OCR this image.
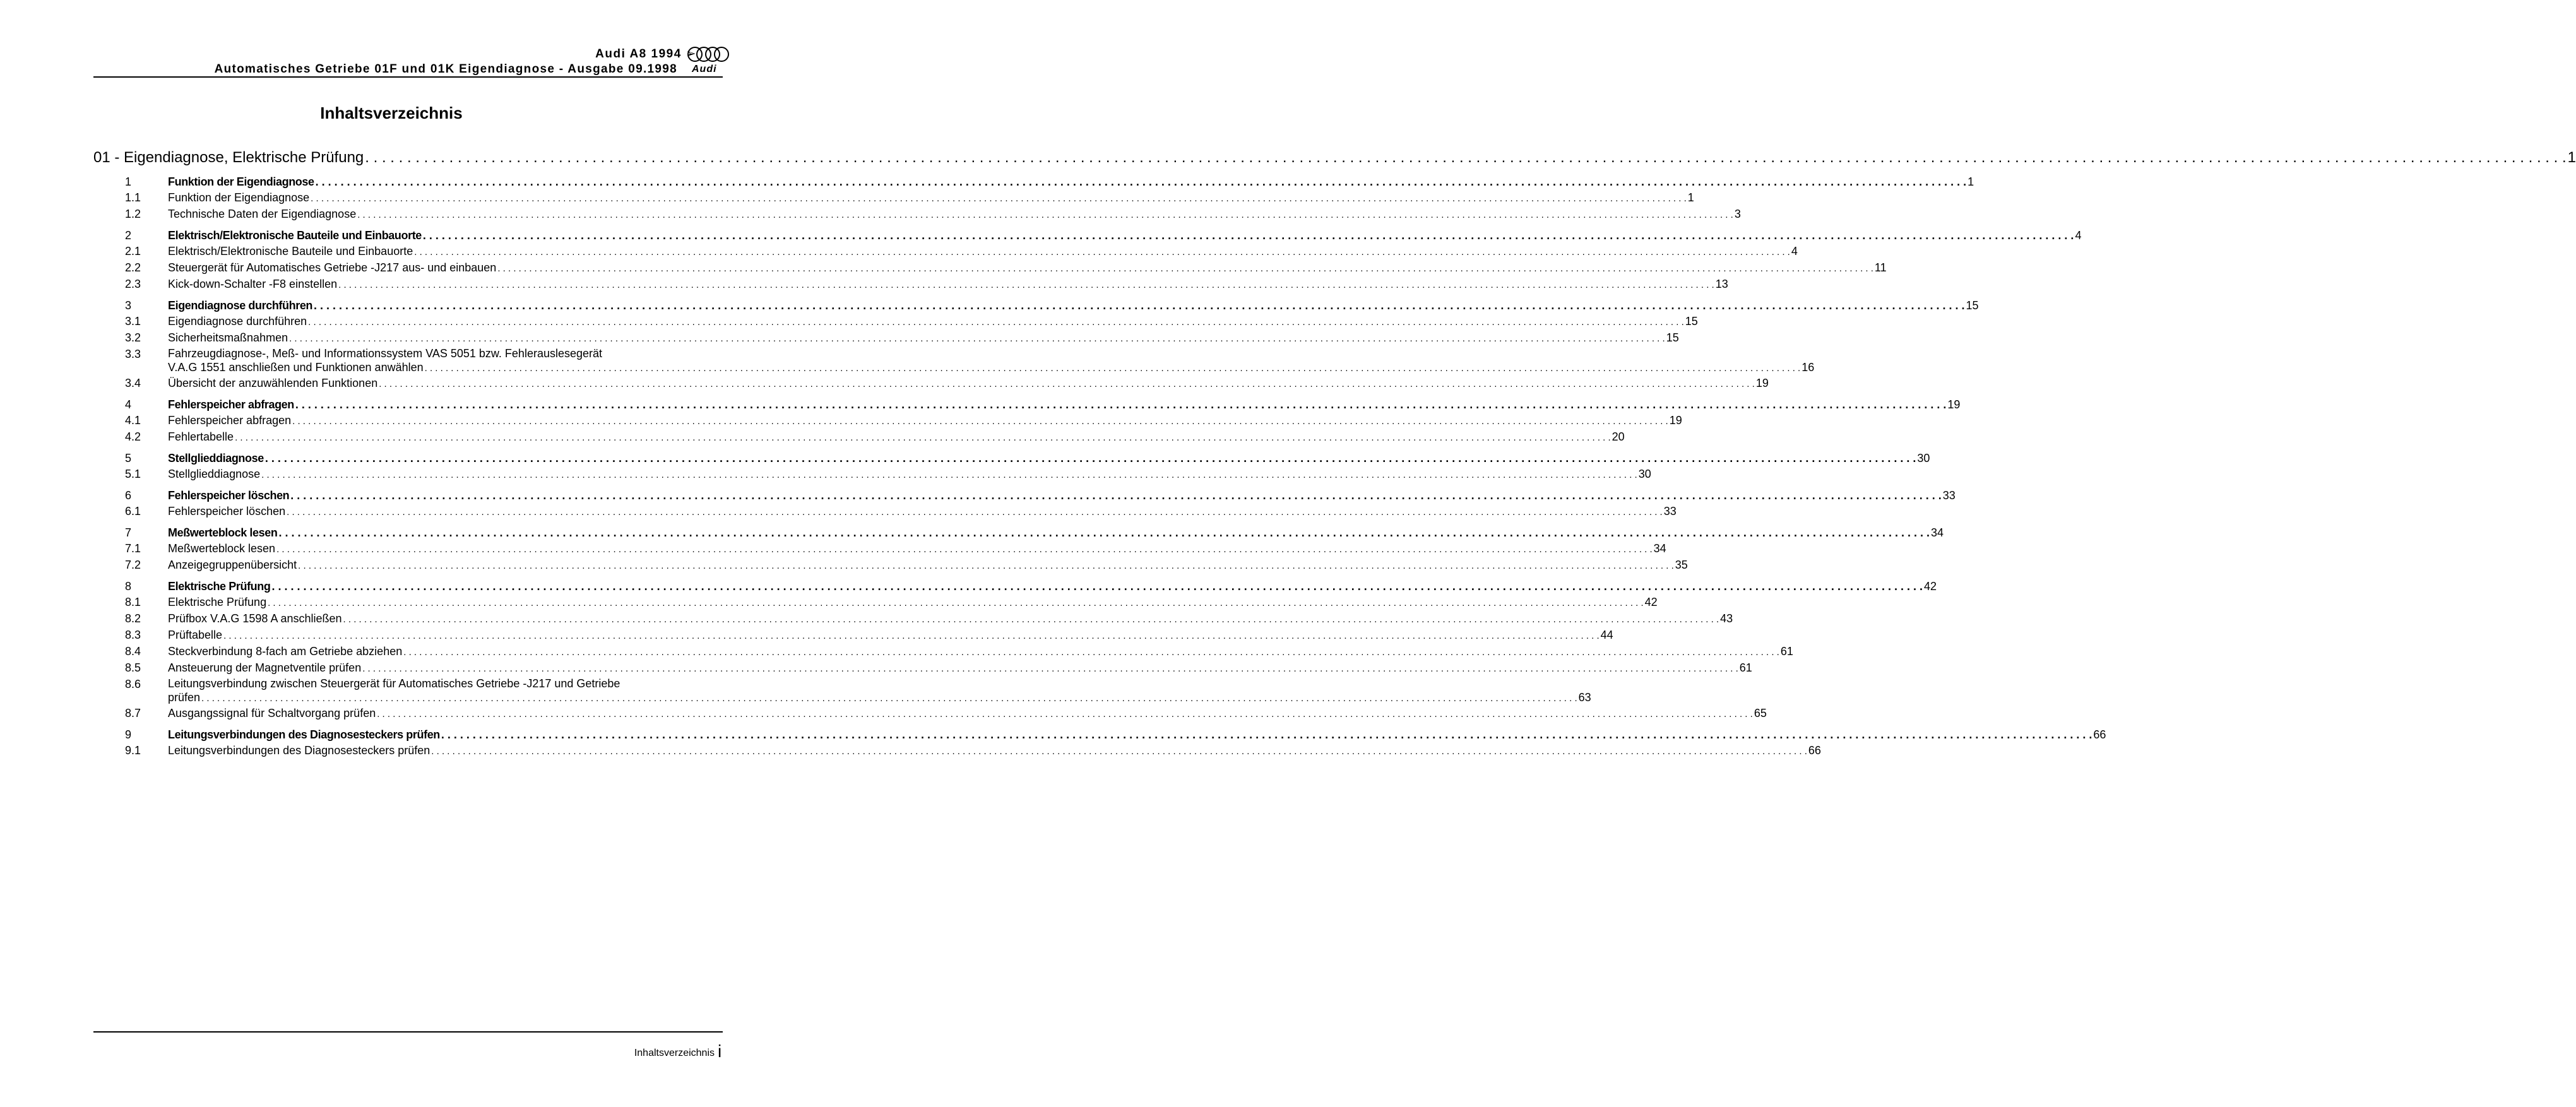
Audi A8 1994 ➢
Automatisches Getriebe 01F und 01K Eigendiagnose - Ausgabe 09.1998 Audi
Inhaltsverzeichnis
01 - Eigendiagnose, Elektrische Prüfung . . .	1
1	Funktion der Eigendiagnose . . .	1
1.1	Funktion der Eigendiagnose . . .	1
1.2	Technische Daten der Eigendiagnose . . .	3
2	Elektrisch/Elektronische Bauteile und Einbauorte . . .	4
2.1	Elektrisch/Elektronische Bauteile und Einbauorte . . .	4
2.2	Steuergerät für Automatisches Getriebe -J217 aus- und einbauen . . .	11
2.3	Kick-down-Schalter -F8 einstellen . . .	13
3	Eigendiagnose durchführen . . .	15
3.1	Eigendiagnose durchführen . . .	15
3.2	Sicherheitsmaßnahmen . . .	15
3.3	Fahrzeugdiagnose-, Meß- und Informationssystem VAS 5051 bzw. Fehlerauslesegerät
V.A.G 1551 anschließen und Funktionen anwählen . . .	16
3.4	Übersicht der anzuwählenden Funktionen . . .	19
4	Fehlerspeicher abfragen . . .	19
4.1	Fehlerspeicher abfragen . . .	19
4.2	Fehlertabelle . . .	20
5	Stellglieddiagnose . . .	30
5.1	Stellglieddiagnose . . .	30
6	Fehlerspeicher löschen . . .	33
6.1	Fehlerspeicher löschen . . .	33
7	Meßwerteblock lesen . . .	34
7.1	Meßwerteblock lesen . . .	34
7.2	Anzeigegruppenübersicht . . .	35
8	Elektrische Prüfung . . .	42
8.1	Elektrische Prüfung . . .	42
8.2	Prüfbox V.A.G 1598 A anschließen . . .	43
8.3	Prüftabelle . . .	44
8.4	Steckverbindung 8-fach am Getriebe abziehen . . .	61
8.5	Ansteuerung der Magnetventile prüfen . . .	61
8.6	Leitungsverbindung zwischen Steuergerät für Automatisches Getriebe -J217 und Getriebe
prüfen . . .	63
8.7	Ausgangssignal für Schaltvorgang prüfen . . .	65
9	Leitungsverbindungen des Diagnosesteckers prüfen . . .	66
9.1	Leitungsverbindungen des Diagnosesteckers prüfen . . .	66
Inhaltsverzeichnis i
